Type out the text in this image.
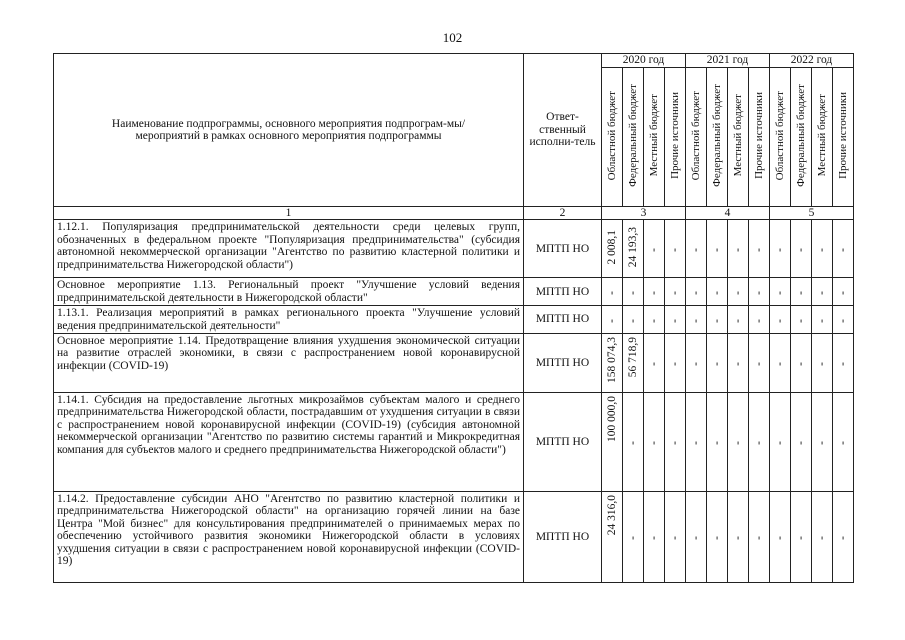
102
Наименование подпрограммы, основного мероприятия подпрограм-мы/мероприятий в рамках основного мероприятия подпрограммы	Ответ-ственный исполни-тель	2020 год				2021 год				2022 год			
		Областной бюджет	Федеральный бюджет	Местный бюджет	Прочие источники	Областной бюджет	Федеральный бюджет	Местный бюджет	Прочие источники	Областной бюджет	Федеральный бюджет	Местный бюджет	Прочие источники
1	2	3				4				5			
1.12.1. Популяризация предпринимательской деятельности среди целевых групп, обозначенных в федеральном проекте "Популяризация предпринимательства" (субсидия автономной некоммерческой организации "Агентство по развитию кластерной политики и предпринимательства Нижегородской области")	МПТП НО	2 008,1	24 193,3	-	-	-	-	-	-	-	-	-	-
Основное мероприятие 1.13. Региональный проект "Улучшение условий ведения предпринимательской деятельности в Нижегородской области"	МПТП НО	-	-	-	-	-	-	-	-	-	-	-	-
1.13.1. Реализация мероприятий в рамках регионального проекта "Улучшение условий ведения предпринимательской деятельности"	МПТП НО	-	-	-	-	-	-	-	-	-	-	-	-
Основное мероприятие 1.14. Предотвращение влияния ухудшения экономической ситуации на развитие отраслей экономики, в связи с распространением новой коронавирусной инфекции (COVID-19)	МПТП НО	158 074,3	56 718,9	-	-	-	-	-	-	-	-	-	-
1.14.1. Субсидия на предоставление льготных микрозаймов субъектам малого и среднего предпринимательства Нижегородской области, пострадавшим от ухудшения ситуации в связи с распространением новой коронавирусной инфекции (COVID-19) (субсидия автономной некоммерческой организации "Агентство по развитию системы гарантий и Микрокредитная компания для субъектов малого и среднего предпринимательства Нижегородской области")	МПТП НО	100 000,0	-	-	-	-	-	-	-	-	-	-	-
1.14.2. Предоставление субсидии АНО "Агентство по развитию кластерной политики и предпринимательства Нижегородской области" на организацию горячей линии на базе Центра "Мой бизнес" для консультирования предпринимателей о принимаемых мерах по обеспечению устойчивого развития экономики Нижегородской области в условиях ухудшения ситуации в связи с распространением новой коронавирусной инфекции (COVID-19)	МПТП НО	24 316,0	-	-	-	-	-	-	-	-	-	-	-
